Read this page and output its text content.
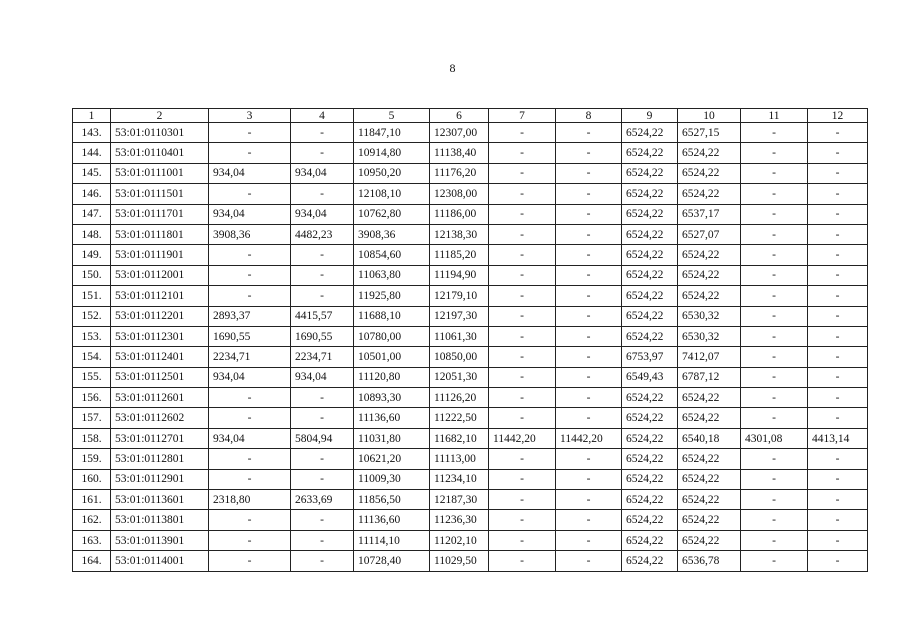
8
1	2	3	4	5	6	7	8	9	10	11	12
143.	53:01:0110301	-	-	11847,10	12307,00	-	-	6524,22	6527,15	-	-
144.	53:01:0110401	-	-	10914,80	11138,40	-	-	6524,22	6524,22	-	-
145.	53:01:0111001	934,04	934,04	10950,20	11176,20	-	-	6524,22	6524,22	-	-
146.	53:01:0111501	-	-	12108,10	12308,00	-	-	6524,22	6524,22	-	-
147.	53:01:0111701	934,04	934,04	10762,80	11186,00	-	-	6524,22	6537,17	-	-
148.	53:01:0111801	3908,36	4482,23	3908,36	12138,30	-	-	6524,22	6527,07	-	-
149.	53:01:0111901	-	-	10854,60	11185,20	-	-	6524,22	6524,22	-	-
150.	53:01:0112001	-	-	11063,80	11194,90	-	-	6524,22	6524,22	-	-
151.	53:01:0112101	-	-	11925,80	12179,10	-	-	6524,22	6524,22	-	-
152.	53:01:0112201	2893,37	4415,57	11688,10	12197,30	-	-	6524,22	6530,32	-	-
153.	53:01:0112301	1690,55	1690,55	10780,00	11061,30	-	-	6524,22	6530,32	-	-
154.	53:01:0112401	2234,71	2234,71	10501,00	10850,00	-	-	6753,97	7412,07	-	-
155.	53:01:0112501	934,04	934,04	11120,80	12051,30	-	-	6549,43	6787,12	-	-
156.	53:01:0112601	-	-	10893,30	11126,20	-	-	6524,22	6524,22	-	-
157.	53:01:0112602	-	-	11136,60	11222,50	-	-	6524,22	6524,22	-	-
158.	53:01:0112701	934,04	5804,94	11031,80	11682,10	11442,20	11442,20	6524,22	6540,18	4301,08	4413,14
159.	53:01:0112801	-	-	10621,20	11113,00	-	-	6524,22	6524,22	-	-
160.	53:01:0112901	-	-	11009,30	11234,10	-	-	6524,22	6524,22	-	-
161.	53:01:0113601	2318,80	2633,69	11856,50	12187,30	-	-	6524,22	6524,22	-	-
162.	53:01:0113801	-	-	11136,60	11236,30	-	-	6524,22	6524,22	-	-
163.	53:01:0113901	-	-	11114,10	11202,10	-	-	6524,22	6524,22	-	-
164.	53:01:0114001	-	-	10728,40	11029,50	-	-	6524,22	6536,78	-	-
